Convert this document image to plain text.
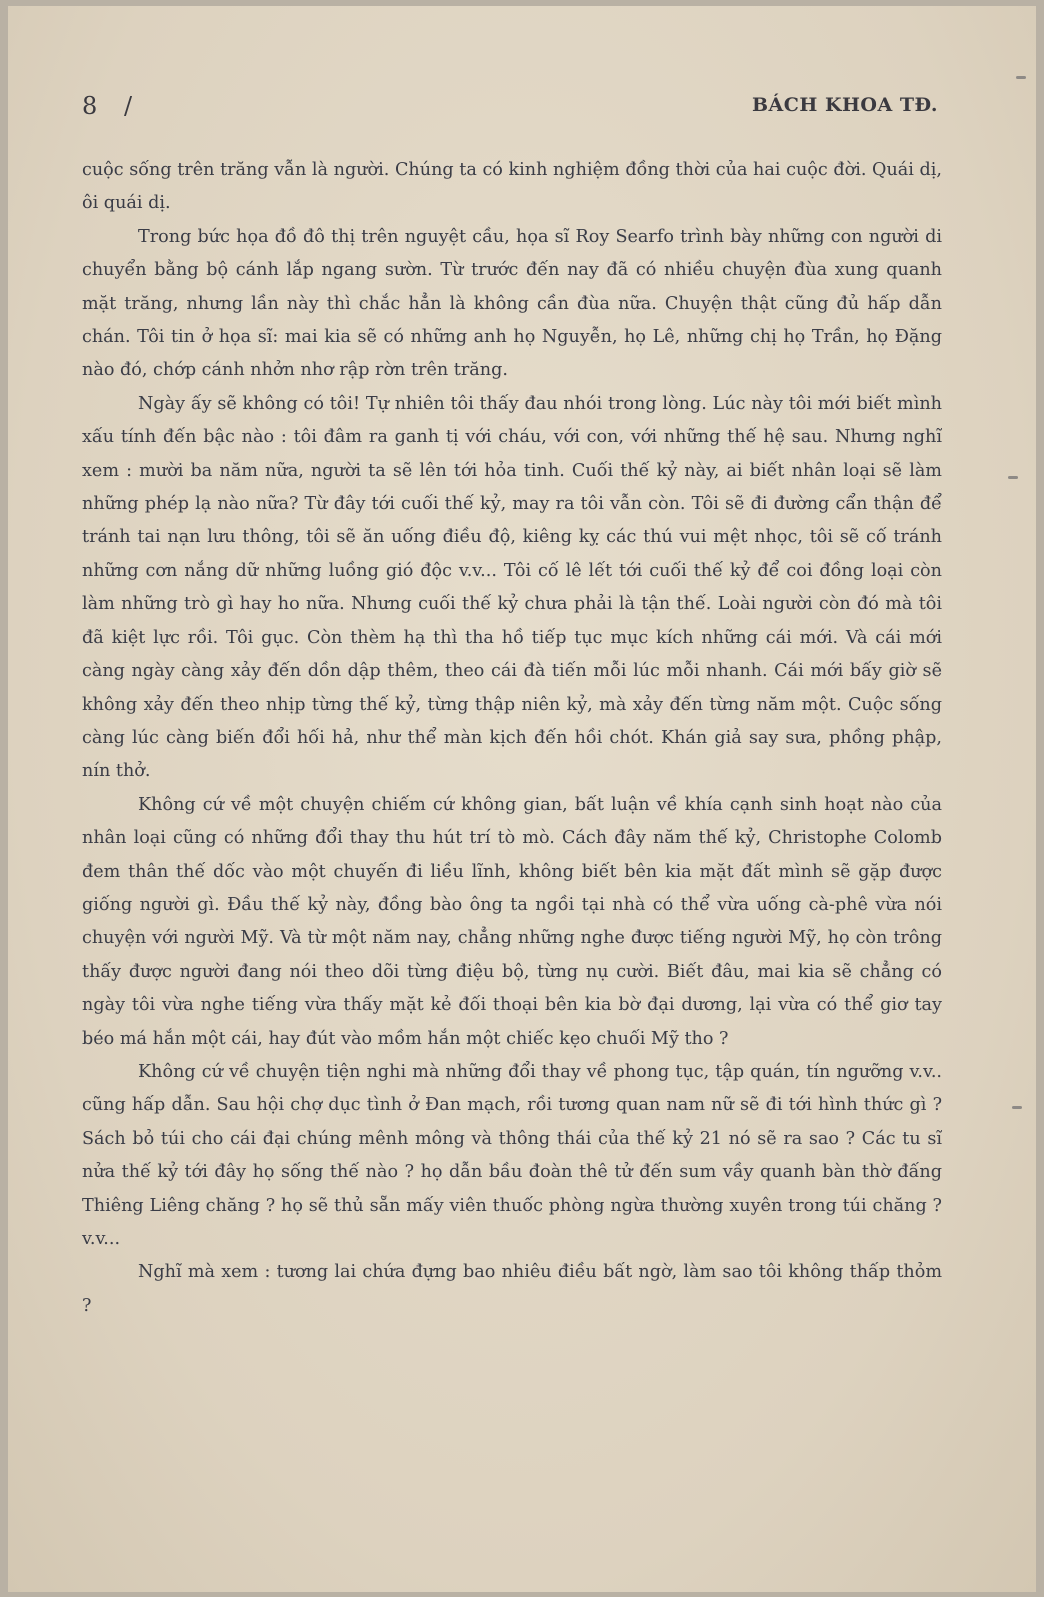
8 /	BÁCH KHOA TĐ.

cuộc sống trên trăng vẫn là người. Chúng ta có kinh nghiệm đồng thời của hai cuộc đời. Quái dị, ôi quái dị.

Trong bức họa đồ đô thị trên nguyệt cầu, họa sĩ Roy Searfo trình bày những con người di chuyển bằng bộ cánh lắp ngang sườn. Từ trước đến nay đã có nhiều chuyện đùa xung quanh mặt trăng, nhưng lần này thì chắc hẳn là không cần đùa nữa. Chuyện thật cũng đủ hấp dẫn chán. Tôi tin ở họa sĩ: mai kia sẽ có những anh họ Nguyễn, họ Lê, những chị họ Trần, họ Đặng nào đó, chớp cánh nhởn nhơ rập rờn trên trăng.

Ngày ấy sẽ không có tôi! Tự nhiên tôi thấy đau nhói trong lòng. Lúc này tôi mới biết mình xấu tính đến bậc nào : tôi đâm ra ganh tị với cháu, với con, với những thế hệ sau. Nhưng nghĩ xem : mười ba năm nữa, người ta sẽ lên tới hỏa tinh. Cuối thế kỷ này, ai biết nhân loại sẽ làm những phép lạ nào nữa? Từ đây tới cuối thế kỷ, may ra tôi vẫn còn. Tôi sẽ đi đường cẩn thận để tránh tai nạn lưu thông, tôi sẽ ăn uống điều độ, kiêng kỵ các thú vui mệt nhọc, tôi sẽ cố tránh những cơn nắng dữ những luồng gió độc v.v... Tôi cố lê lết tới cuối thế kỷ để coi đồng loại còn làm những trò gì hay ho nữa. Nhưng cuối thế kỷ chưa phải là tận thế. Loài người còn đó mà tôi đã kiệt lực rồi. Tôi gục. Còn thèm hạ thì tha hồ tiếp tục mục kích những cái mới. Và cái mới càng ngày càng xảy đến dồn dập thêm, theo cái đà tiến mỗi lúc mỗi nhanh. Cái mới bấy giờ sẽ không xảy đến theo nhịp từng thế kỷ, từng thập niên kỷ, mà xảy đến từng năm một. Cuộc sống càng lúc càng biến đổi hối hả, như thể màn kịch đến hồi chót. Khán giả say sưa, phồng phập, nín thở.

Không cứ về một chuyện chiếm cứ không gian, bất luận về khía cạnh sinh hoạt nào của nhân loại cũng có những đổi thay thu hút trí tò mò. Cách đây năm thế kỷ, Christophe Colomb đem thân thế dốc vào một chuyến đi liều lĩnh, không biết bên kia mặt đất mình sẽ gặp được giống người gì. Đầu thế kỷ này, đồng bào ông ta ngồi tại nhà có thể vừa uống cà-phê vừa nói chuyện với người Mỹ. Và từ một năm nay, chẳng những nghe được tiếng người Mỹ, họ còn trông thấy được người đang nói theo dõi từng điệu bộ, từng nụ cười. Biết đâu, mai kia sẽ chẳng có ngày tôi vừa nghe tiếng vừa thấy mặt kẻ đối thoại bên kia bờ đại dương, lại vừa có thể giơ tay béo má hắn một cái, hay đút vào mồm hắn một chiếc kẹo chuối Mỹ tho ?

Không cứ về chuyện tiện nghi mà những đổi thay về phong tục, tập quán, tín ngưỡng v.v.. cũng hấp dẫn. Sau hội chợ dục tình ở Đan mạch, rồi tương quan nam nữ sẽ đi tới hình thức gì ? Sách bỏ túi cho cái đại chúng mênh mông và thông thái của thế kỷ 21 nó sẽ ra sao ? Các tu sĩ nửa thế kỷ tới đây họ sống thế nào ? họ dẫn bầu đoàn thê tử đến sum vầy quanh bàn thờ đấng Thiêng Liêng chăng ? họ sẽ thủ sẵn mấy viên thuốc phòng ngừa thường xuyên trong túi chăng ? v.v...

Nghĩ mà xem : tương lai chứa đựng bao nhiêu điều bất ngờ, làm sao tôi không thấp thỏm ?
